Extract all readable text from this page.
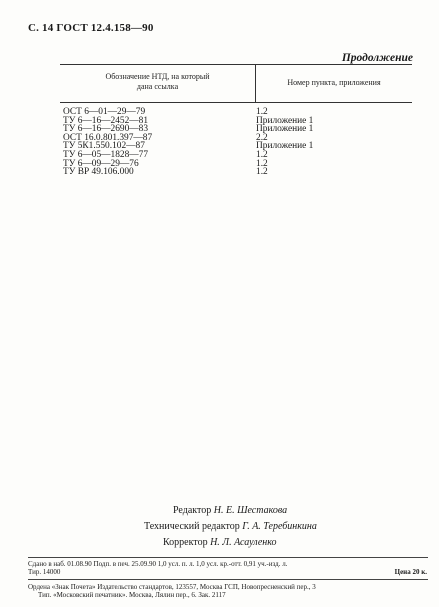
С. 14 ГОСТ 12.4.158—90
Продолжение
Обозначение НТД, на который
дана ссылка	Номер пункта, приложения
ОСТ 6—01—29—79
ТУ 6—16—2452—81
ТУ 6—16—2690—83
ОСТ 16.0.801.397—87
ТУ 5К1.550.102—87
ТУ 6—05—1828—77
ТУ 6—09—29—76
ТУ ВР 49.106.000
1.2
Приложение 1
Приложение 1
2.2
Приложение 1
1.2
1.2
1.2
Редактор Н. Е. Шестакова
Технический редактор Г. А. Теребинкина
Корректор Н. Л. Асауленко
Сдано в наб. 01.08.90 Подп. в печ. 25.09.90 1,0 усл. п. л. 1,0 усл. кр.-отт. 0,91 уч.-изд. л.
Тир. 14000	Цена 20 к.
Ордена «Знак Почета» Издательство стандартов, 123557, Москва ГСП, Новопресненский пер., 3
Тип. «Московский печатник». Москва, Лялин пер., 6. Зак. 2117
